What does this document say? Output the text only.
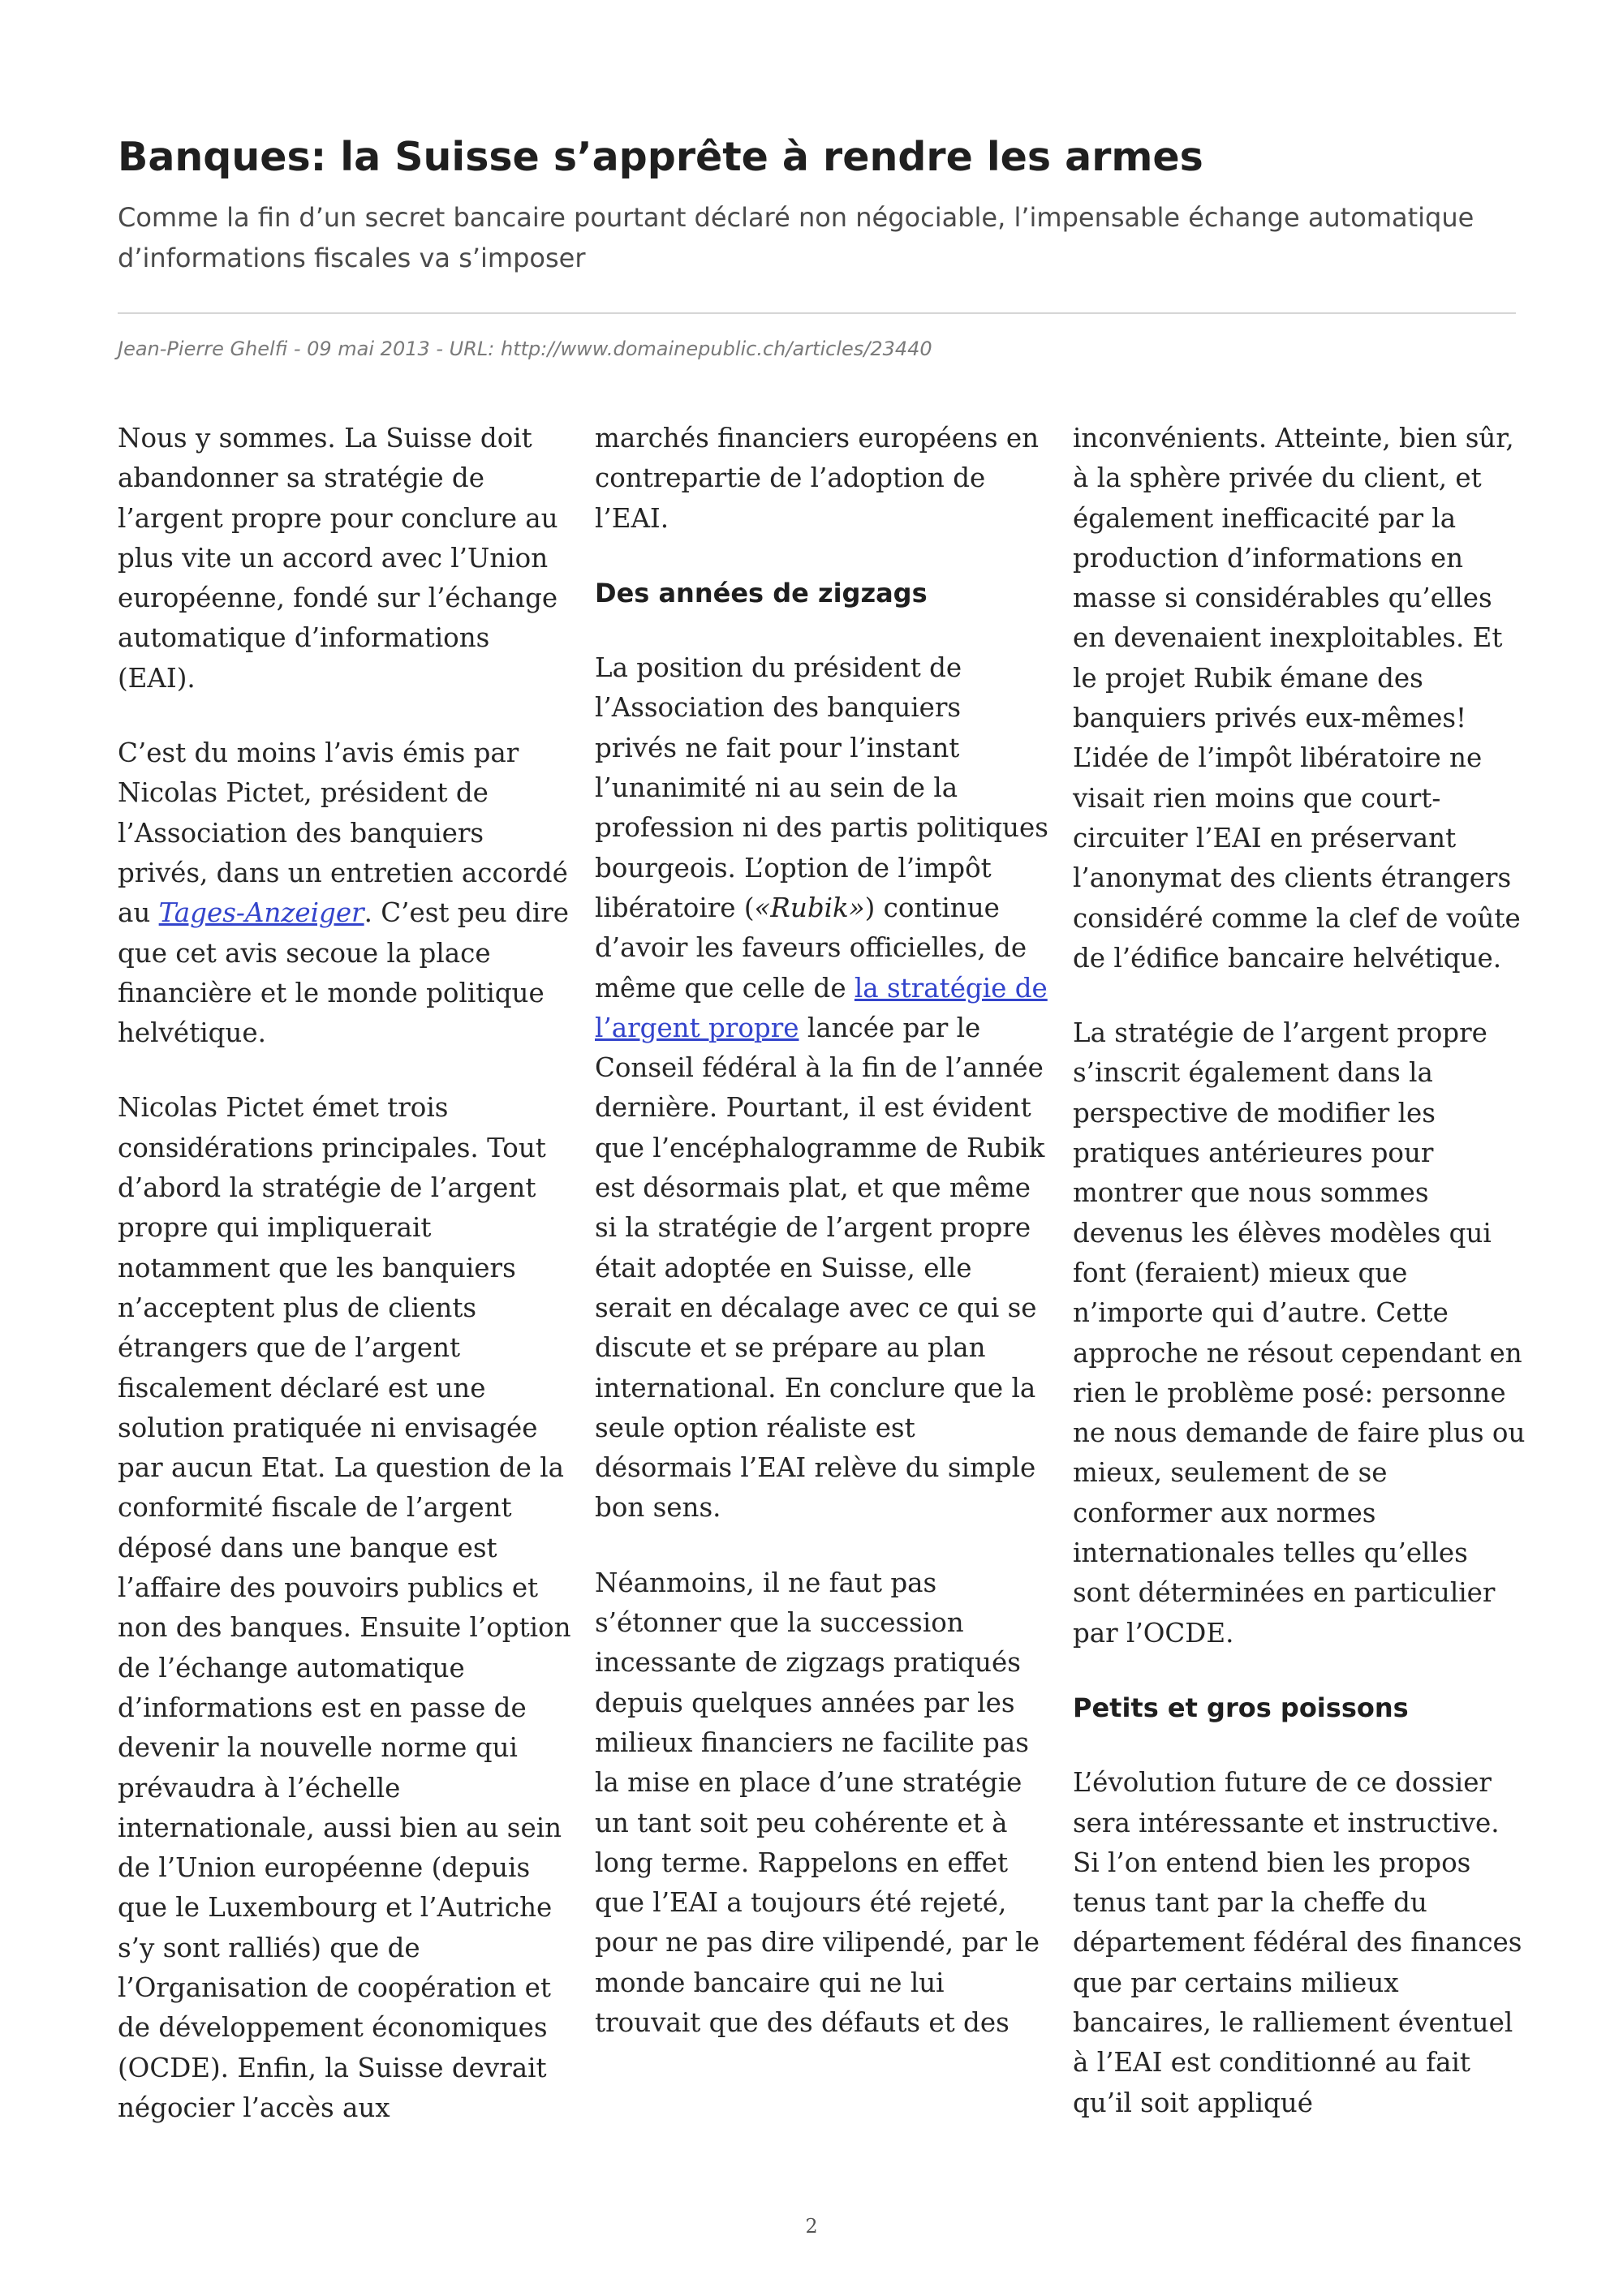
Banques: la Suisse s’apprête à rendre les armes
Comme la fin d’un secret bancaire pourtant déclaré non négociable, l’impensable échange automatique d’informations fiscales va s’imposer
Jean-Pierre Ghelfi - 09 mai 2013 - URL: http://www.domainepublic.ch/articles/23440

Nous y sommes. La Suisse doit abandonner sa stratégie de l’argent propre pour conclure au plus vite un accord avec l’Union européenne, fondé sur l’échange automatique d’informations (EAI).

C’est du moins l’avis émis par Nicolas Pictet, président de l’Association des banquiers privés, dans un entretien accordé au Tages-Anzeiger. C’est peu dire que cet avis secoue la place financière et le monde politique helvétique.

Nicolas Pictet émet trois considérations principales. Tout d’abord la stratégie de l’argent propre qui impliquerait notamment que les banquiers n’acceptent plus de clients étrangers que de l’argent fiscalement déclaré est une solution pratiquée ni envisagée par aucun Etat. La question de la conformité fiscale de l’argent déposé dans une banque est l’affaire des pouvoirs publics et non des banques. Ensuite l’option de l’échange automatique d’informations est en passe de devenir la nouvelle norme qui prévaudra à l’échelle internationale, aussi bien au sein de l’Union européenne (depuis que le Luxembourg et l’Autriche s’y sont ralliés) que de l’Organisation de coopération et de développement économiques (OCDE). Enfin, la Suisse devrait négocier l’accès aux

marchés financiers européens en contrepartie de l’adoption de l’EAI.

Des années de zigzags

La position du président de l’Association des banquiers privés ne fait pour l’instant l’unanimité ni au sein de la profession ni des partis politiques bourgeois. L’option de l’impôt libératoire («Rubik») continue d’avoir les faveurs officielles, de même que celle de la stratégie de l’argent propre lancée par le Conseil fédéral à la fin de l’année dernière. Pourtant, il est évident que l’encéphalogramme de Rubik est désormais plat, et que même si la stratégie de l’argent propre était adoptée en Suisse, elle serait en décalage avec ce qui se discute et se prépare au plan international. En conclure que la seule option réaliste est désormais l’EAI relève du simple bon sens.

Néanmoins, il ne faut pas s’étonner que la succession incessante de zigzags pratiqués depuis quelques années par les milieux financiers ne facilite pas la mise en place d’une stratégie un tant soit peu cohérente et à long terme. Rappelons en effet que l’EAI a toujours été rejeté, pour ne pas dire vilipendé, par le monde bancaire qui ne lui trouvait que des défauts et des

inconvénients. Atteinte, bien sûr, à la sphère privée du client, et également inefficacité par la production d’informations en masse si considérables qu’elles en devenaient inexploitables. Et le projet Rubik émane des banquiers privés eux-mêmes! L’idée de l’impôt libératoire ne visait rien moins que court-circuiter l’EAI en préservant l’anonymat des clients étrangers considéré comme la clef de voûte de l’édifice bancaire helvétique.

La stratégie de l’argent propre s’inscrit également dans la perspective de modifier les pratiques antérieures pour montrer que nous sommes devenus les élèves modèles qui font (feraient) mieux que n’importe qui d’autre. Cette approche ne résout cependant en rien le problème posé: personne ne nous demande de faire plus ou mieux, seulement de se conformer aux normes internationales telles qu’elles sont déterminées en particulier par l’OCDE.

Petits et gros poissons

L’évolution future de ce dossier sera intéressante et instructive. Si l’on entend bien les propos tenus tant par la cheffe du département fédéral des finances que par certains milieux bancaires, le ralliement éventuel à l’EAI est conditionné au fait qu’il soit appliqué

2
